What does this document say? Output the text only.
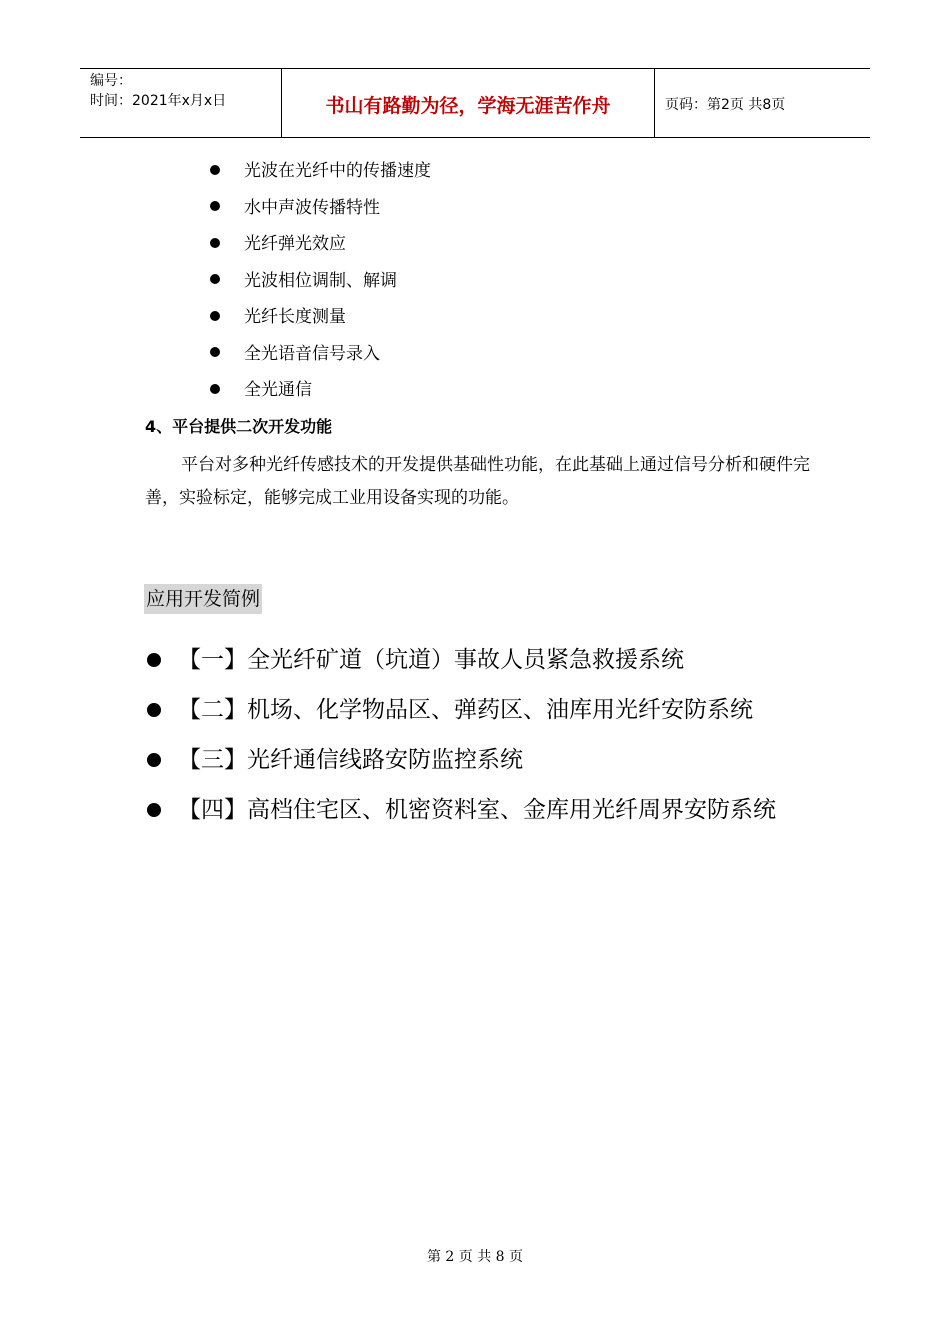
编号：
时间：2021年x月x日	书山有路勤为径，学海无涯苦作舟	页码：第2页 共8页
光波在光纤中的传播速度
水中声波传播特性
光纤弹光效应
光波相位调制、解调
光纤长度测量
全光语音信号录入
全光通信
4、平台提供二次开发功能

平台对多种光纤传感技术的开发提供基础性功能，在此基础上通过信号分析和硬件完善，实验标定，能够完成工业用设备实现的功能。

应用开发简例
【一】全光纤矿道（坑道）事故人员紧急救援系统
【二】机场、化学物品区、弹药区、油库用光纤安防系统
【三】光纤通信线路安防监控系统
【四】高档住宅区、机密资料室、金库用光纤周界安防系统
第 2 页 共 8 页
